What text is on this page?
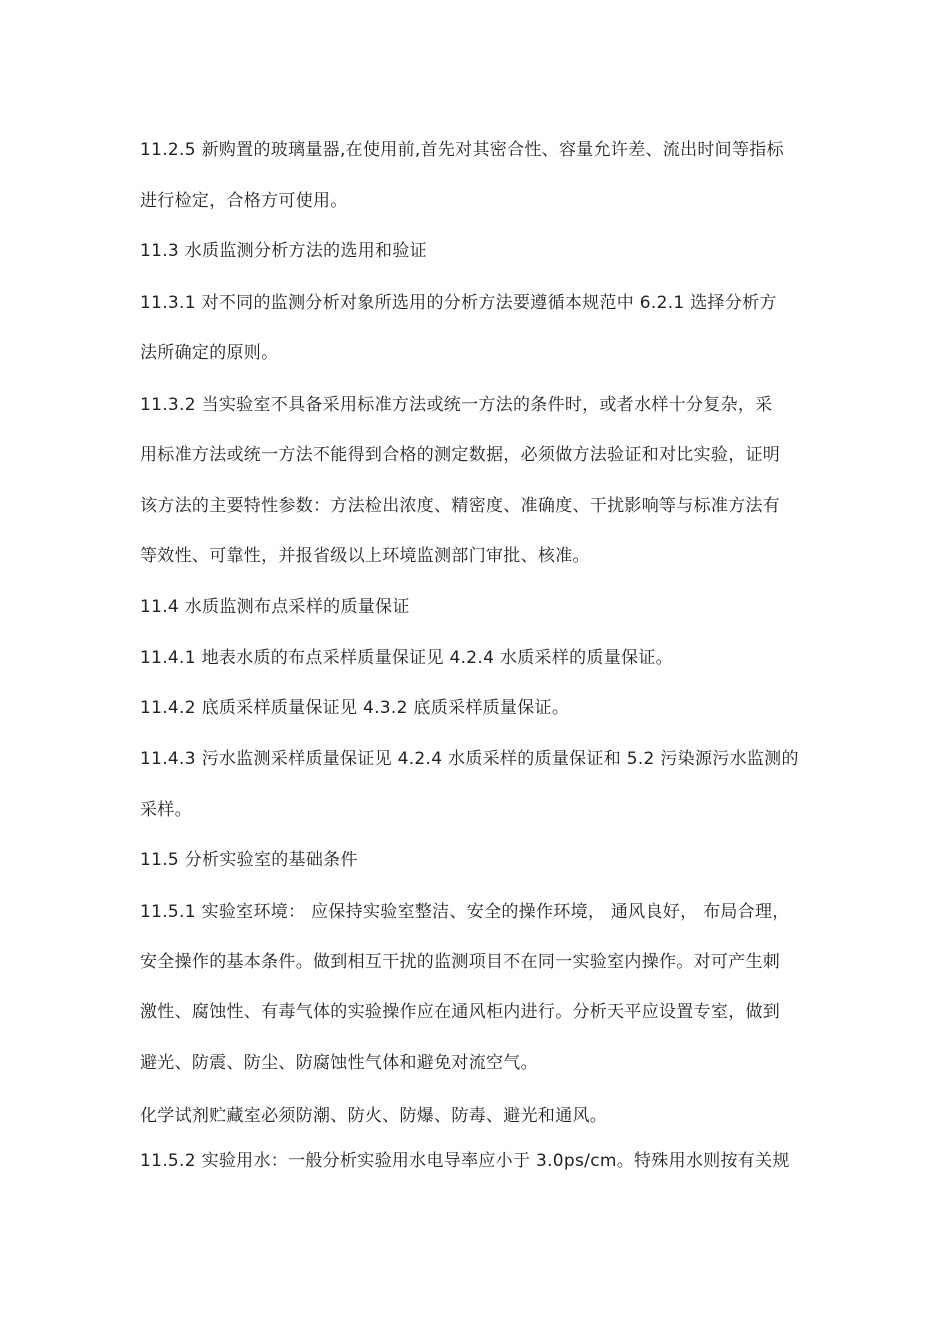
11.2.5 新购置的玻璃量器,在使用前,首先对其密合性、容量允许差、流出时间等指标
进行检定，合格方可使用。
11.3 水质监测分析方法的选用和验证
11.3.1 对不同的监测分析对象所选用的分析方法要遵循本规范中 6.2.1 选择分析方
法所确定的原则。
11.3.2 当实验室不具备采用标准方法或统一方法的条件时，或者水样十分复杂，采
用标准方法或统一方法不能得到合格的测定数据，必须做方法验证和对比实验，证明
该方法的主要特性参数：方法检出浓度、精密度、准确度、干扰影响等与标准方法有
等效性、可靠性，并报省级以上环境监测部门审批、核准。
11.4 水质监测布点采样的质量保证
11.4.1 地表水质的布点采样质量保证见 4.2.4 水质采样的质量保证。
11.4.2 底质采样质量保证见 4.3.2 底质采样质量保证。
11.4.3 污水监测采样质量保证见 4.2.4 水质采样的质量保证和 5.2 污染源污水监测的
采样。
11.5 分析实验室的基础条件
11.5.1 实验室环境： 应保持实验室整洁、安全的操作环境， 通风良好， 布局合理，
安全操作的基本条件。做到相互干扰的监测项目不在同一实验室内操作。对可产生刺
激性、腐蚀性、有毒气体的实验操作应在通风柜内进行。分析天平应设置专室，做到
避光、防震、防尘、防腐蚀性气体和避免对流空气。
化学试剂贮藏室必须防潮、防火、防爆、防毒、避光和通风。
11.5.2 实验用水：一般分析实验用水电导率应小于 3.0ps/cm。特殊用水则按有关规
